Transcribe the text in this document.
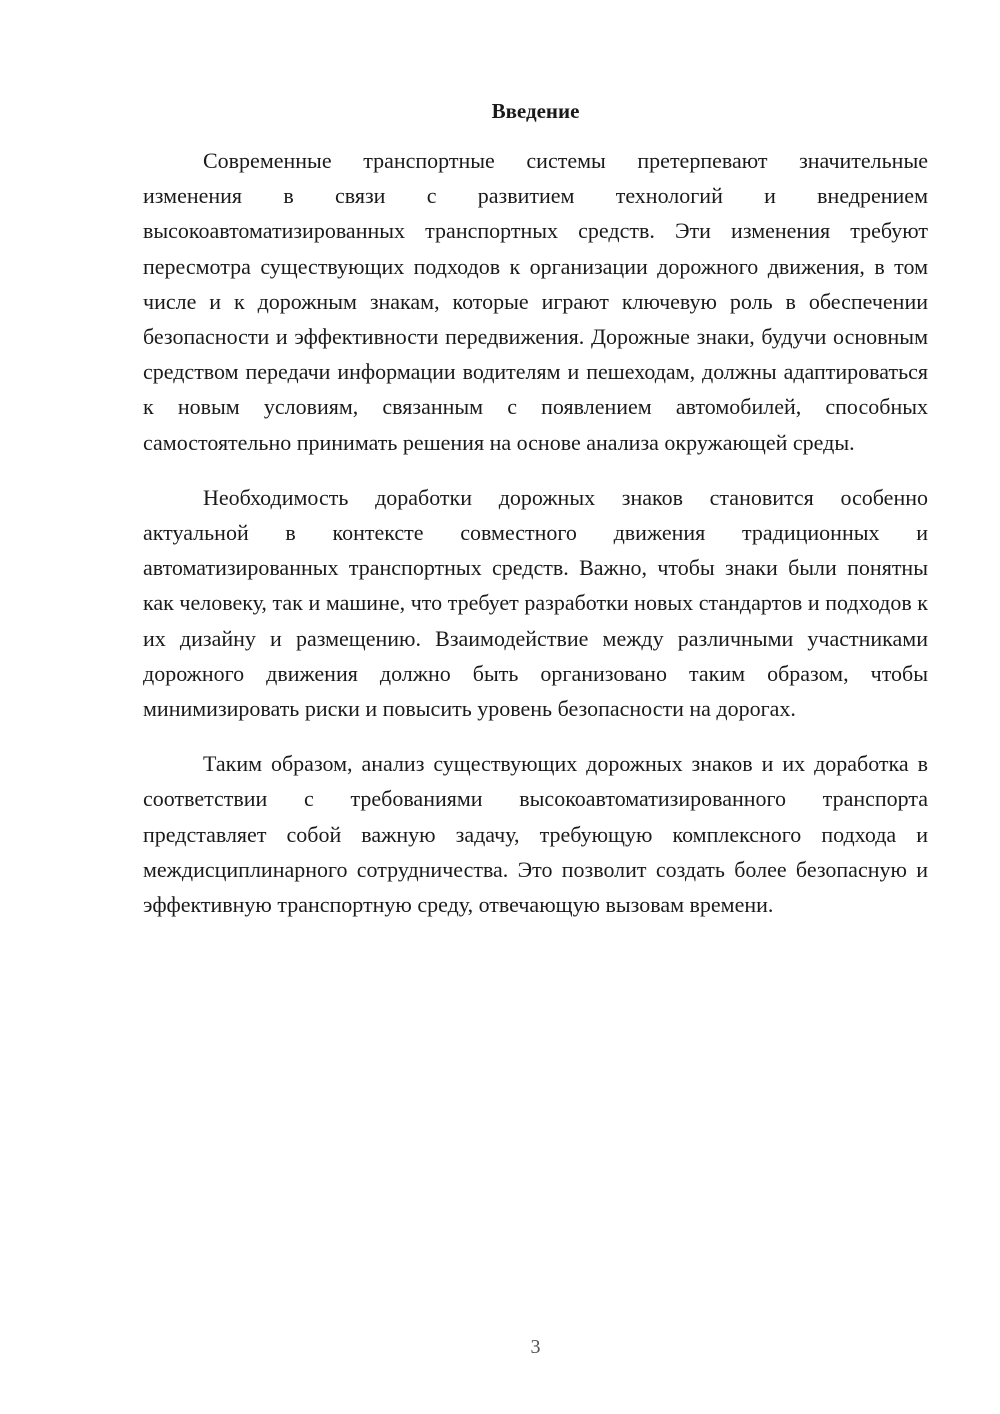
Введение

Современные транспортные системы претерпевают значительные изменения в связи с развитием технологий и внедрением высокоавтоматизированных транспортных средств. Эти изменения требуют пересмотра существующих подходов к организации дорожного движения, в том числе и к дорожным знакам, которые играют ключевую роль в обеспечении безопасности и эффективности передвижения. Дорожные знаки, будучи основным средством передачи информации водителям и пешеходам, должны адаптироваться к новым условиям, связанным с появлением автомобилей, способных самостоятельно принимать решения на основе анализа окружающей среды.

Необходимость доработки дорожных знаков становится особенно актуальной в контексте совместного движения традиционных и автоматизированных транспортных средств. Важно, чтобы знаки были понятны как человеку, так и машине, что требует разработки новых стандартов и подходов к их дизайну и размещению. Взаимодействие между различными участниками дорожного движения должно быть организовано таким образом, чтобы минимизировать риски и повысить уровень безопасности на дорогах.

Таким образом, анализ существующих дорожных знаков и их доработка в соответствии с требованиями высокоавтоматизированного транспорта представляет собой важную задачу, требующую комплексного подхода и междисциплинарного сотрудничества. Это позволит создать более безопасную и эффективную транспортную среду, отвечающую вызовам времени.

3
